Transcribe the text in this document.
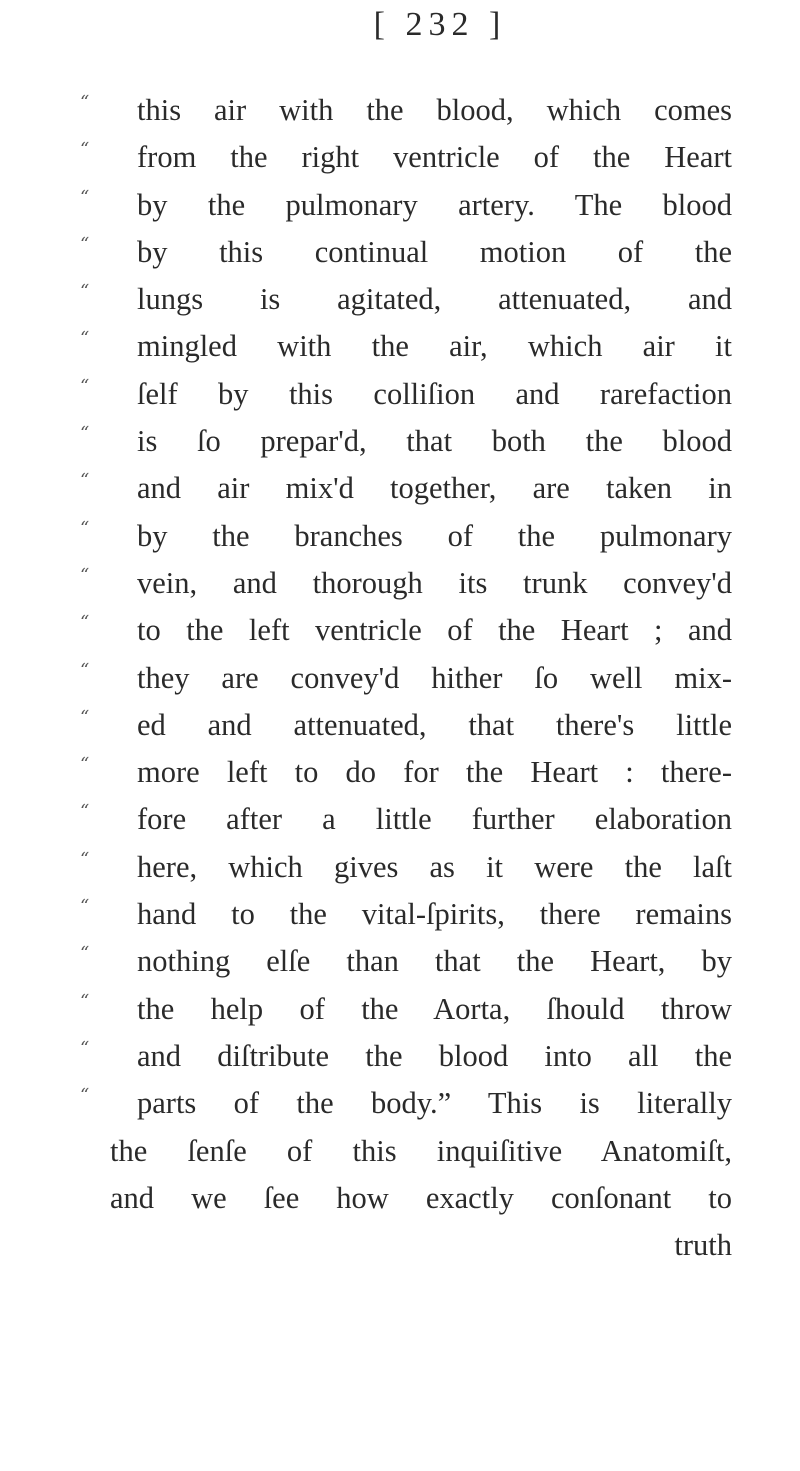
[ 232 ]
“ this air with the blood, which comes
“ from the right ventricle of the Heart
“ by the pulmonary artery. The blood
“ by this continual motion of the
“ lungs is agitated, attenuated, and
“ mingled with the air, which air it
“ ſelf by this colliſion and rarefaction
“ is ſo prepar'd, that both the blood
“ and air mix'd together, are taken in
“ by the branches of the pulmonary
“ vein, and thorough its trunk convey'd
“ to the left ventricle of the Heart ; and
“ they are convey'd hither ſo well mix-
“ ed and attenuated, that there's little
“ more left to do for the Heart : there-
“ fore after a little further elaboration
“ here, which gives as it were the laſt
“ hand to the vital-ſpirits, there remains
“ nothing elſe than that the Heart, by
“ the help of the Aorta, ſhould throw
“ and diſtribute the blood into all the
“ parts of the body.” This is literally
the ſenſe of this inquiſitive Anatomiſt,
and we ſee how exactly conſonant to
truth
